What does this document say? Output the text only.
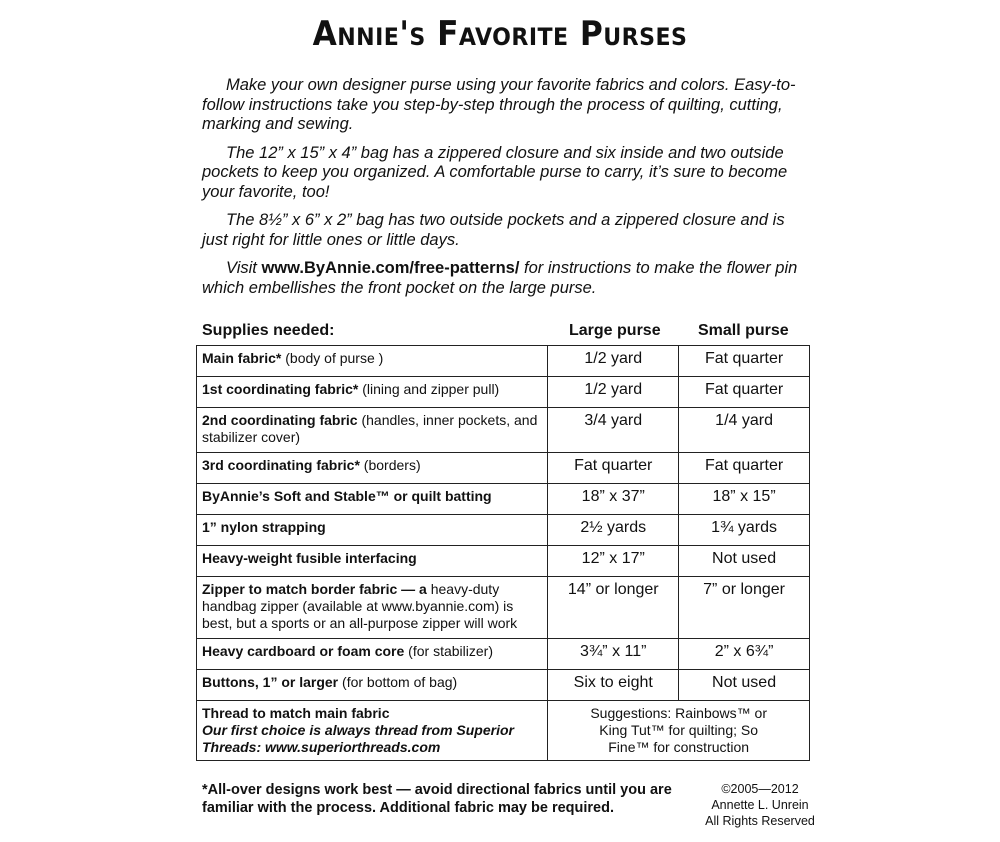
Annie's Favorite Purses

Make your own designer purse using your favorite fabrics and colors. Easy-to-follow instructions take you step-by-step through the process of quilting, cutting, marking and sewing.

The 12” x 15” x 4” bag has a zippered closure and six inside and two outside pockets to keep you organized. A comfortable purse to carry, it’s sure to become your favorite, too!

The 8½” x 6” x 2” bag has two outside pockets and a zippered closure and is just right for little ones or little days.

Visit www.ByAnnie.com/free-patterns/ for instructions to make the flower pin which embellishes the front pocket on the large purse.

Supplies needed:	Large purse Small purse
Main fabric* (body of purse )	1/2 yard	Fat quarter
1st coordinating fabric* (lining and zipper pull)	1/2 yard	Fat quarter
2nd coordinating fabric (handles, inner pockets, and stabilizer cover)	3/4 yard	1/4 yard
3rd coordinating fabric* (borders)	Fat quarter	Fat quarter
ByAnnie’s Soft and Stable™ or quilt batting	18” x 37”	18” x 15”
1” nylon strapping	2½ yards	1¾ yards
Heavy-weight fusible interfacing	12” x 17”	Not used
Zipper to match border fabric — a heavy-duty handbag zipper (available at www.byannie.com) is best, but a sports or an all-purpose zipper will work	14” or longer	7” or longer
Heavy cardboard or foam core (for stabilizer)	3¾” x 11”	2” x 6¾”
Buttons, 1” or larger (for bottom of bag)	Six to eight	Not used

Thread to match main fabric
Our first choice is always thread from Superior Threads: www.superiorthreads.com	Suggestions: Rainbows™ or King Tut™ for quilting; So Fine™ for construction	
*All-over designs work best — avoid directional fabrics until you are familiar with the process. Additional fabric may be required.
©2005—2012
Annette L. Unrein
All Rights Reserved
